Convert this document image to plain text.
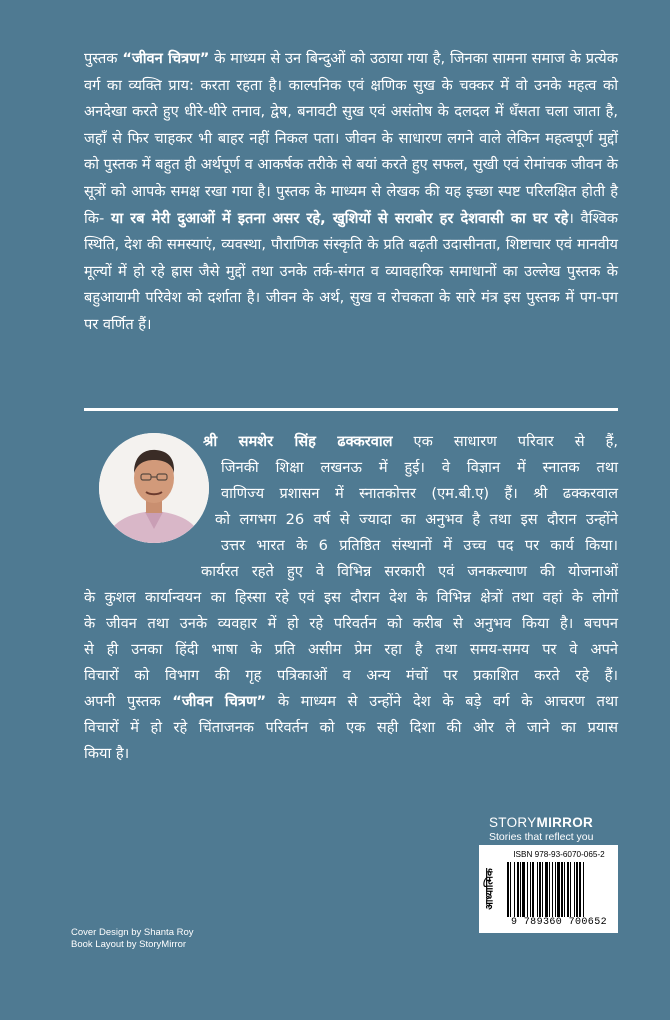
पुस्तक “जीवन चित्रण” के माध्यम से उन बिन्दुओं को उठाया गया है, जिनका सामना समाज के प्रत्येक वर्ग का व्यक्ति प्राय: करता रहता है। काल्पनिक एवं क्षणिक सुख के चक्कर में वो उनके महत्व को अनदेखा करते हुए धीरे-धीरे तनाव, द्वेष, बनावटी सुख एवं असंतोष के दलदल में धँसता चला जाता है, जहाँ से फिर चाहकर भी बाहर नहीं निकल पता। जीवन के साधारण लगने वाले लेकिन महत्वपूर्ण मुद्दों को पुस्तक में बहुत ही अर्थपूर्ण व आकर्षक तरीके से बयां करते हुए सफल, सुखी एवं रोमांचक जीवन के सूत्रों को आपके समक्ष रखा गया है। पुस्तक के माध्यम से लेखक की यह इच्छा स्पष्ट परिलक्षित होती है कि- या रब मेरी दुआओं में इतना असर रहे, खुशियों से सराबोर हर देशवासी का घर रहे। वैश्विक स्थिति, देश की समस्याएं, व्यवस्था, पौराणिक संस्कृति के प्रति बढ़ती उदासीनता, शिष्टाचार एवं मानवीय मूल्यों में हो रहे ह्रास जैसे मुद्दों तथा उनके तर्क-संगत व व्यावहारिक समाधानों का उल्लेख पुस्तक के बहुआयामी परिवेश को दर्शाता है। जीवन के अर्थ, सुख व रोचकता के सारे मंत्र इस पुस्तक में पग-पग पर वर्णित हैं।
श्री समशेर सिंह ढक्करवाल एक साधारण परिवार से हैं,
जिनकी शिक्षा लखनऊ में हुई। वे विज्ञान में स्नातक तथा
वाणिज्य प्रशासन में स्नातकोत्तर (एम.बी.ए) हैं। श्री ढक्करवाल
को लगभग 26 वर्ष से ज्यादा का अनुभव है तथा इस दौरान उन्होंने
उत्तर भारत के 6 प्रतिष्ठित संस्थानों में उच्च पद पर कार्य किया।
कार्यरत रहते हुए वे विभिन्न सरकारी एवं जनकल्याण की योजनाओं
के कुशल कार्यान्वयन का हिस्सा रहे एवं इस दौरान देश के विभिन्न क्षेत्रों तथा वहां के लोगों
के जीवन तथा उनके व्यवहार में हो रहे परिवर्तन को करीब से अनुभव किया है। बचपन
से ही उनका हिंदी भाषा के प्रति असीम प्रेम रहा है तथा समय-समय पर वे अपने
विचारों को विभाग की गृह पत्रिकाओं व अन्य मंचों पर प्रकाशित करते रहे हैं।
अपनी पुस्तक “जीवन चित्रण” के माध्यम से उन्होंने देश के बड़े वर्ग के आचरण तथा
विचारों में हो रहे चिंताजनक परिवर्तन को एक सही दिशा की ओर ले जाने का प्रयास
किया है।
STORYMIRROR
Stories that reflect you
आध्यात्मिक
ISBN 978-93-6070-065-2
9 789360 700652
Cover Design by Shanta Roy
Book Layout by StoryMirror
